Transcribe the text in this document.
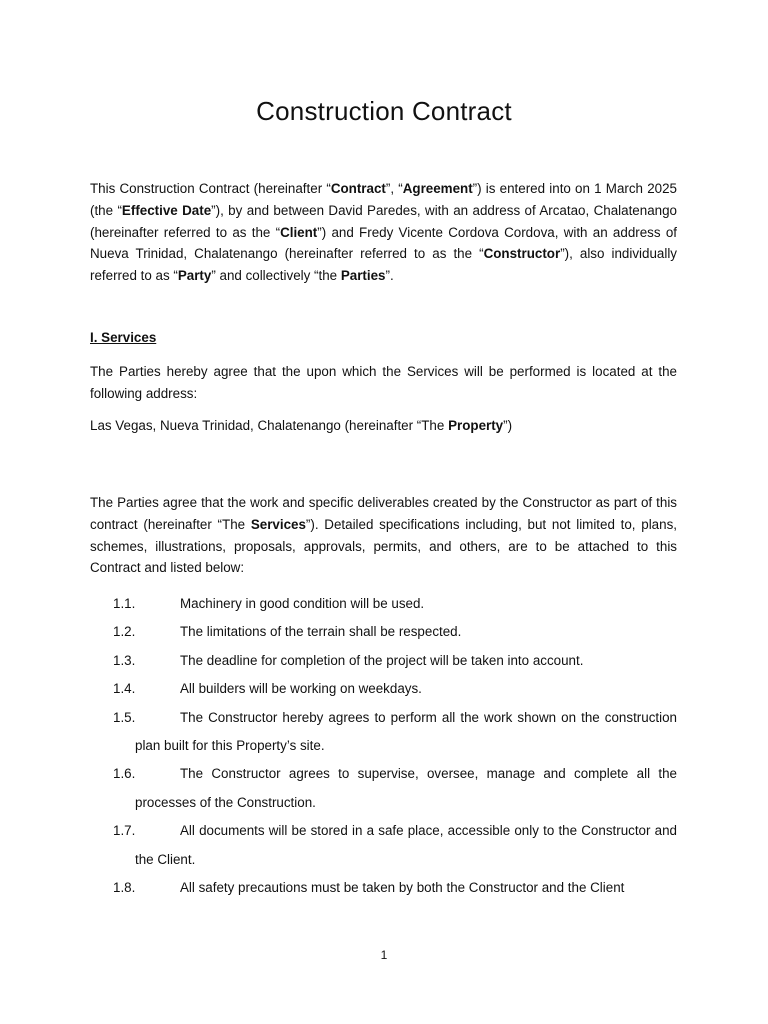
Construction Contract

This Construction Contract (hereinafter “Contract”, “Agreement”) is entered into on 1 March 2025 (the “Effective Date”), by and between David Paredes, with an address of Arcatao, Chalatenango (hereinafter referred to as the “Client”) and Fredy Vicente Cordova Cordova, with an address of Nueva Trinidad, Chalatenango (hereinafter referred to as the “Constructor”), also individually referred to as “Party” and collectively “the Parties”.

I. Services

The Parties hereby agree that the upon which the Services will be performed is located at the following address:

Las Vegas, Nueva Trinidad, Chalatenango (hereinafter “The Property”)

The Parties agree that the work and specific deliverables created by the Constructor as part of this contract (hereinafter “The Services”). Detailed specifications including, but not limited to, plans, schemes, illustrations, proposals, approvals, permits, and others, are to be attached to this Contract and listed below:

1.1.	Machinery in good condition will be used.
1.2.	The limitations of the terrain shall be respected.
1.3.	The deadline for completion of the project will be taken into account.
1.4.	All builders will be working on weekdays.
1.5.	The Constructor hereby agrees to perform all the work shown on the construction plan built for this Property’s site.
1.6.	The Constructor agrees to supervise, oversee, manage and complete all the processes of the Construction.
1.7.	All documents will be stored in a safe place, accessible only to the Constructor and the Client.
1.8.	All safety precautions must be taken by both the Constructor and the Client
1
